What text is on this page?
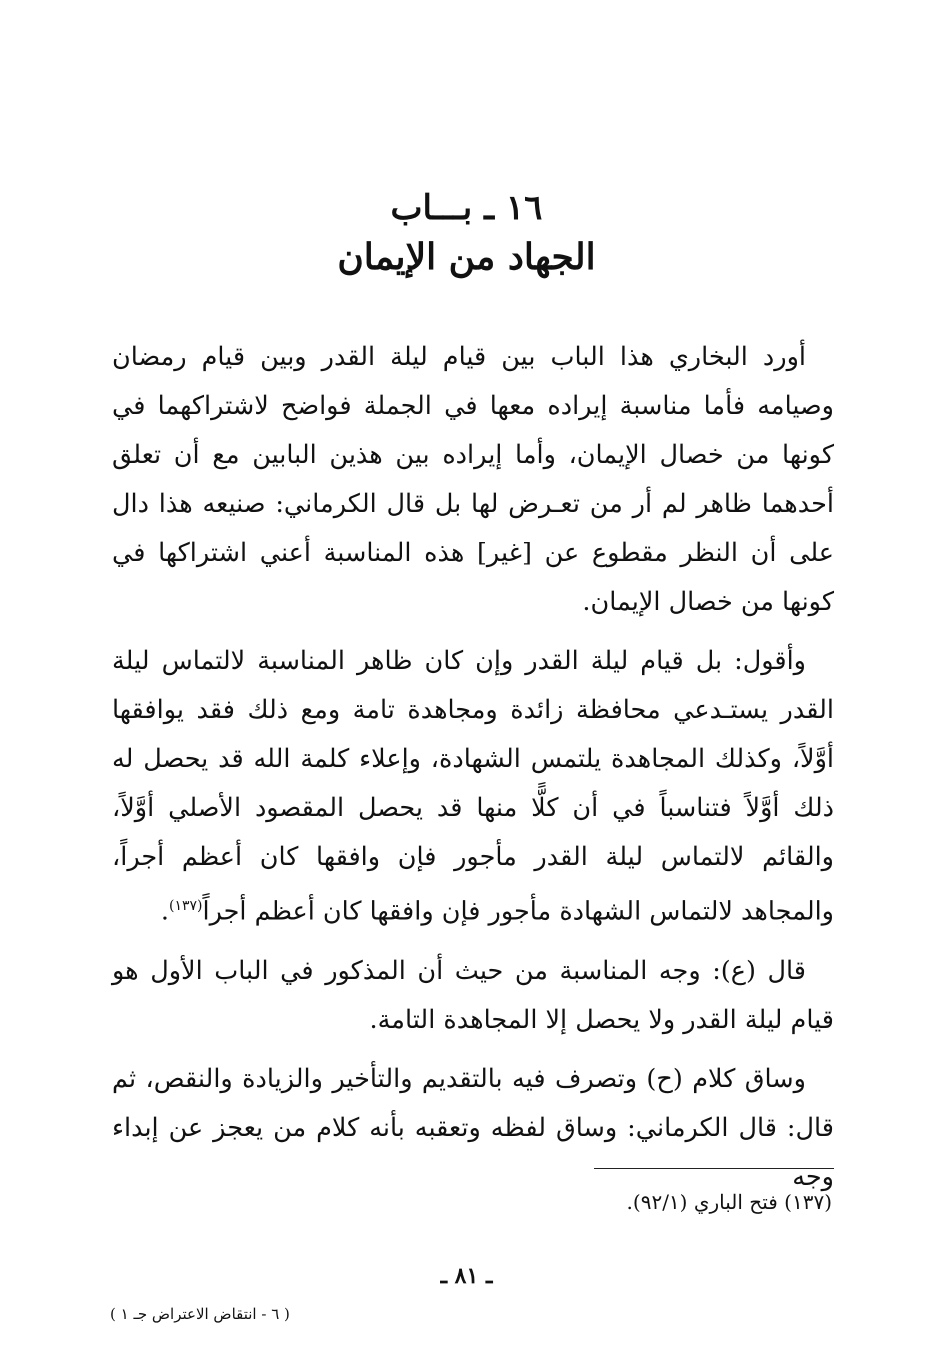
١٦ ـ بـــاب
الجهاد من الإيمان

أورد البخاري هذا الباب بين قيام ليلة القدر وبين قيام رمضان وصيامه فأما مناسبة إيراده معها في الجملة فواضح لاشتراكهما في كونها من خصال الإيمان، وأما إيراده بين هذين البابين مع أن تعلق أحدهما ظاهر لم أر من تعـرض لها بل قال الكرماني: صنيعه هذا دال على أن النظر مقطوع عن [غير] هذه المناسبة أعني اشتراكها في كونها من خصال الإيمان.

وأقول: بل قيام ليلة القدر وإن كان ظاهر المناسبة لالتماس ليلة القدر يستـدعي محافظة زائدة ومجاهدة تامة ومع ذلك فقد يوافقها أوَّلاً، وكذلك المجاهدة يلتمس الشهادة، وإعلاء كلمة الله قد يحصل له ذلك أوَّلاً فتناسباً في أن كلًّا منها قد يحصل المقصود الأصلي أوَّلاً، والقائم لالتماس ليلة القدر مأجور فإن وافقها كان أعظم أجراً، والمجاهد لالتماس الشهادة مأجور فإن وافقها كان أعظم أجراً$^{(١٣٧)}$.

قال (ع): وجه المناسبة من حيث أن المذكور في الباب الأول هو قيام ليلة القدر ولا يحصل إلا المجاهدة التامة.

وساق كلام (ح) وتصرف فيه بالتقديم والتأخير والزيادة والنقص، ثم قال: قال الكرماني: وساق لفظه وتعقبه بأنه كلام من يعجز عن إبداء وجه

(١٣٧) فتح الباري (٩٢/١).
ـ ٨١ ـ
( ٦ - انتقاض الاعتراض جـ ١ )
